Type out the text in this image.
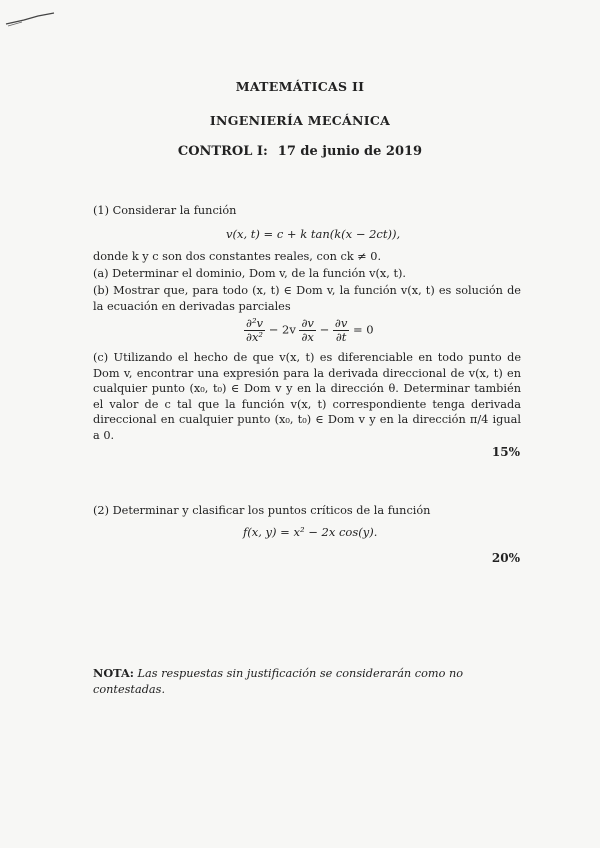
MATEMÁTICAS II
INGENIERÍA MECÁNICA
CONTROL I: 17 de junio de 2019
(1) Considerar la función
v(x, t) = c + k tan(k(x − 2ct)),
donde k y c son dos constantes reales, con ck ≠ 0.
(a) Determinar el dominio, Dom v, de la función v(x, t).
(b) Mostrar que, para todo (x, t) ∈ Dom v, la función v(x, t) es solución de la ecuación en derivadas parciales
$\frac{\text{∂²v}}{\text{∂x²}} - 2v \frac{\partial v}{\partial x} - \frac{\partial v}{\partial t} = 0$
(c) Utilizando el hecho de que v(x, t) es diferenciable en todo punto de Dom v, encontrar una expresión para la derivada direccional de v(x, t) en cualquier punto (x₀, t₀) ∈ Dom v y en la dirección θ. Determinar también el valor de c tal que la función v(x, t) correspondiente tenga derivada direccional en cualquier punto (x₀, t₀) ∈ Dom v y en la dirección π/4 igual a 0.
15%
(2) Determinar y clasificar los puntos críticos de la función
f(x, y) = x² − 2x cos(y).
20%
NOTA: Las respuestas sin justificación se considerarán como no contestadas.
